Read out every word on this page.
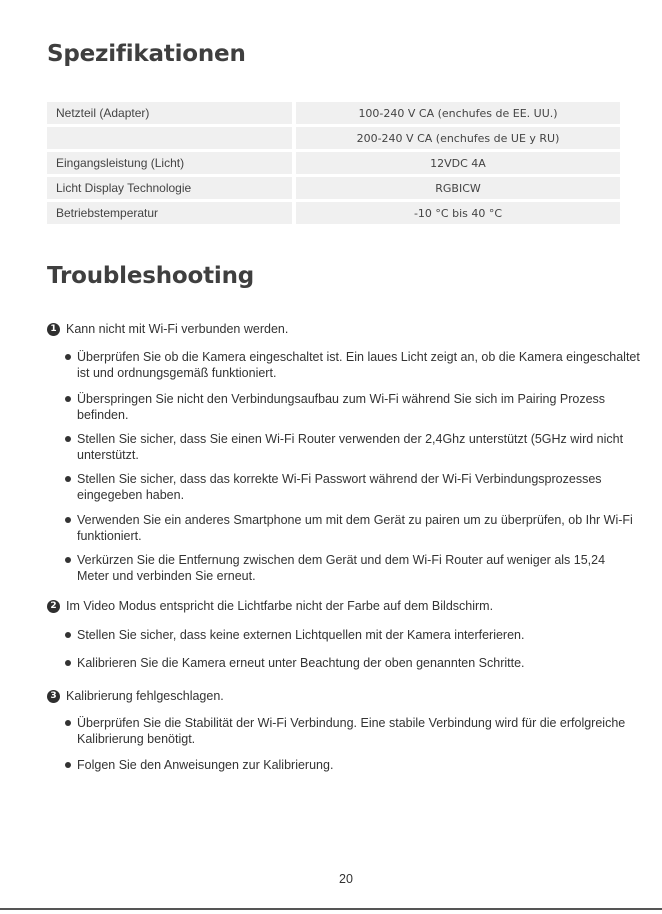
Spezifikationen
Netzteil (Adapter)	100-240 V CA (enchufes de EE. UU.)
	200-240 V CA (enchufes de UE y RU)
Eingangsleistung (Licht)	12VDC 4A
Licht Display Technologie	RGBICW
Betriebstemperatur	-10 °C bis 40 °C
Troubleshooting
1 Kann nicht mit Wi-Fi verbunden werden.
Überprüfen Sie ob die Kamera eingeschaltet ist. Ein laues Licht zeigt an, ob die Kamera eingeschaltet ist und ordnungsgemäß funktioniert.
Überspringen Sie nicht den Verbindungsaufbau zum Wi-Fi während Sie sich im Pairing Prozess befinden.
Stellen Sie sicher, dass Sie einen Wi-Fi Router verwenden der 2,4Ghz unterstützt (5GHz wird nicht unterstützt.
Stellen Sie sicher, dass das korrekte Wi-Fi Passwort während der Wi-Fi Verbindungsprozesses eingegeben haben.
Verwenden Sie ein anderes Smartphone um mit dem Gerät zu pairen um zu überprüfen, ob Ihr Wi-Fi funktioniert.
Verkürzen Sie die Entfernung zwischen dem Gerät und dem Wi-Fi Router auf weniger als 15,24 Meter und verbinden Sie erneut.
2 Im Video Modus entspricht die Lichtfarbe nicht der Farbe auf dem Bildschirm.
Stellen Sie sicher, dass keine externen Lichtquellen mit der Kamera interferieren.
Kalibrieren Sie die Kamera erneut unter Beachtung der oben genannten Schritte.
3 Kalibrierung fehlgeschlagen.
Überprüfen Sie die Stabilität der Wi-Fi Verbindung. Eine stabile Verbindung wird für die erfolgreiche Kalibrierung benötigt.
Folgen Sie den Anweisungen zur Kalibrierung.
20
